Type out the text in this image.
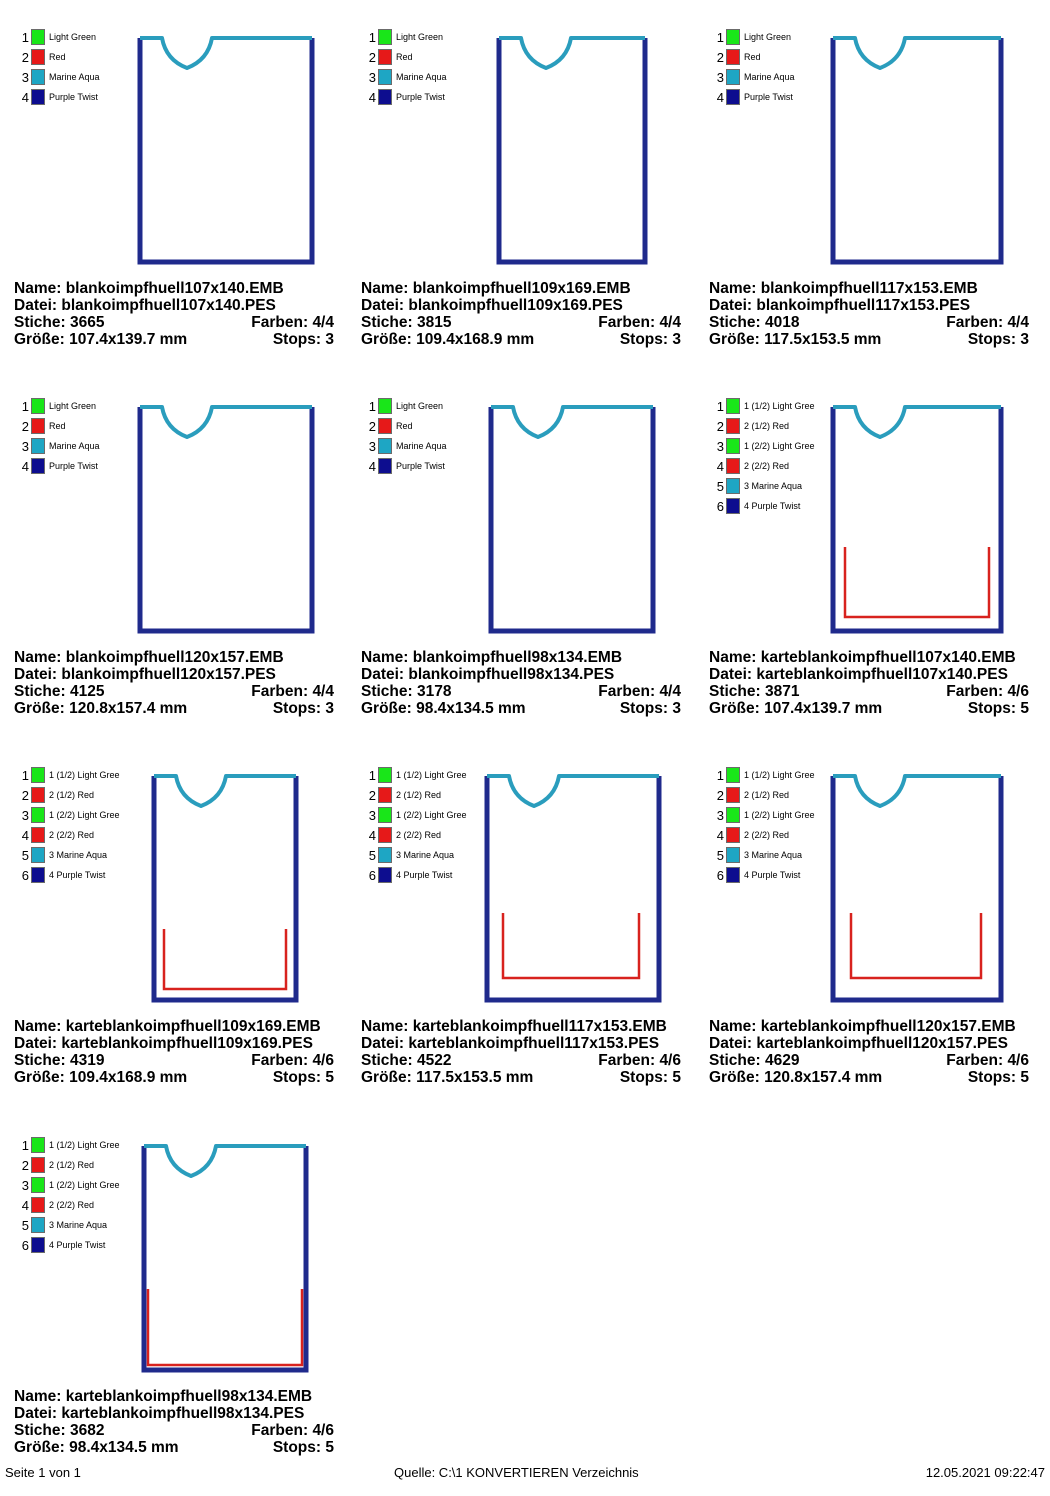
1 Light Green
2 Red
3 Marine Aqua
4 Purple Twist
Name: blankoimpfhuell107x140.EMB
Datei: blankoimpfhuell107x140.PES
Stiche: 3665	Farben: 4/4
Größe: 107.4x139.7 mm	Stops: 3
1 Light Green
2 Red
3 Marine Aqua
4 Purple Twist
Name: blankoimpfhuell109x169.EMB
Datei: blankoimpfhuell109x169.PES
Stiche: 3815	Farben: 4/4
Größe: 109.4x168.9 mm	Stops: 3
1 Light Green
2 Red
3 Marine Aqua
4 Purple Twist
Name: blankoimpfhuell117x153.EMB
Datei: blankoimpfhuell117x153.PES
Stiche: 4018	Farben: 4/4
Größe: 117.5x153.5 mm	Stops: 3
1 Light Green
2 Red
3 Marine Aqua
4 Purple Twist
Name: blankoimpfhuell120x157.EMB
Datei: blankoimpfhuell120x157.PES
Stiche: 4125	Farben: 4/4
Größe: 120.8x157.4 mm	Stops: 3
1 Light Green
2 Red
3 Marine Aqua
4 Purple Twist
Name: blankoimpfhuell98x134.EMB
Datei: blankoimpfhuell98x134.PES
Stiche: 3178	Farben: 4/4
Größe: 98.4x134.5 mm	Stops: 3
1 1 (1/2) Light Gree
2 2 (1/2) Red
3 1 (2/2) Light Gree
4 2 (2/2) Red
5 3 Marine Aqua
6 4 Purple Twist
Name: karteblankoimpfhuell107x140.EMB
Datei: karteblankoimpfhuell107x140.PES
Stiche: 3871	Farben: 4/6
Größe: 107.4x139.7 mm	Stops: 5
1 1 (1/2) Light Gree
2 2 (1/2) Red
3 1 (2/2) Light Gree
4 2 (2/2) Red
5 3 Marine Aqua
6 4 Purple Twist
Name: karteblankoimpfhuell109x169.EMB
Datei: karteblankoimpfhuell109x169.PES
Stiche: 4319	Farben: 4/6
Größe: 109.4x168.9 mm	Stops: 5
1 1 (1/2) Light Gree
2 2 (1/2) Red
3 1 (2/2) Light Gree
4 2 (2/2) Red
5 3 Marine Aqua
6 4 Purple Twist
Name: karteblankoimpfhuell117x153.EMB
Datei: karteblankoimpfhuell117x153.PES
Stiche: 4522	Farben: 4/6
Größe: 117.5x153.5 mm	Stops: 5
1 1 (1/2) Light Gree
2 2 (1/2) Red
3 1 (2/2) Light Gree
4 2 (2/2) Red
5 3 Marine Aqua
6 4 Purple Twist
Name: karteblankoimpfhuell120x157.EMB
Datei: karteblankoimpfhuell120x157.PES
Stiche: 4629	Farben: 4/6
Größe: 120.8x157.4 mm	Stops: 5
1 1 (1/2) Light Gree
2 2 (1/2) Red
3 1 (2/2) Light Gree
4 2 (2/2) Red
5 3 Marine Aqua
6 4 Purple Twist
Name: karteblankoimpfhuell98x134.EMB
Datei: karteblankoimpfhuell98x134.PES
Stiche: 3682	Farben: 4/6
Größe: 98.4x134.5 mm	Stops: 5
Seite 1 von 1	Quelle: C:\1 KONVERTIEREN Verzeichnis	12.05.2021 09:22:47
